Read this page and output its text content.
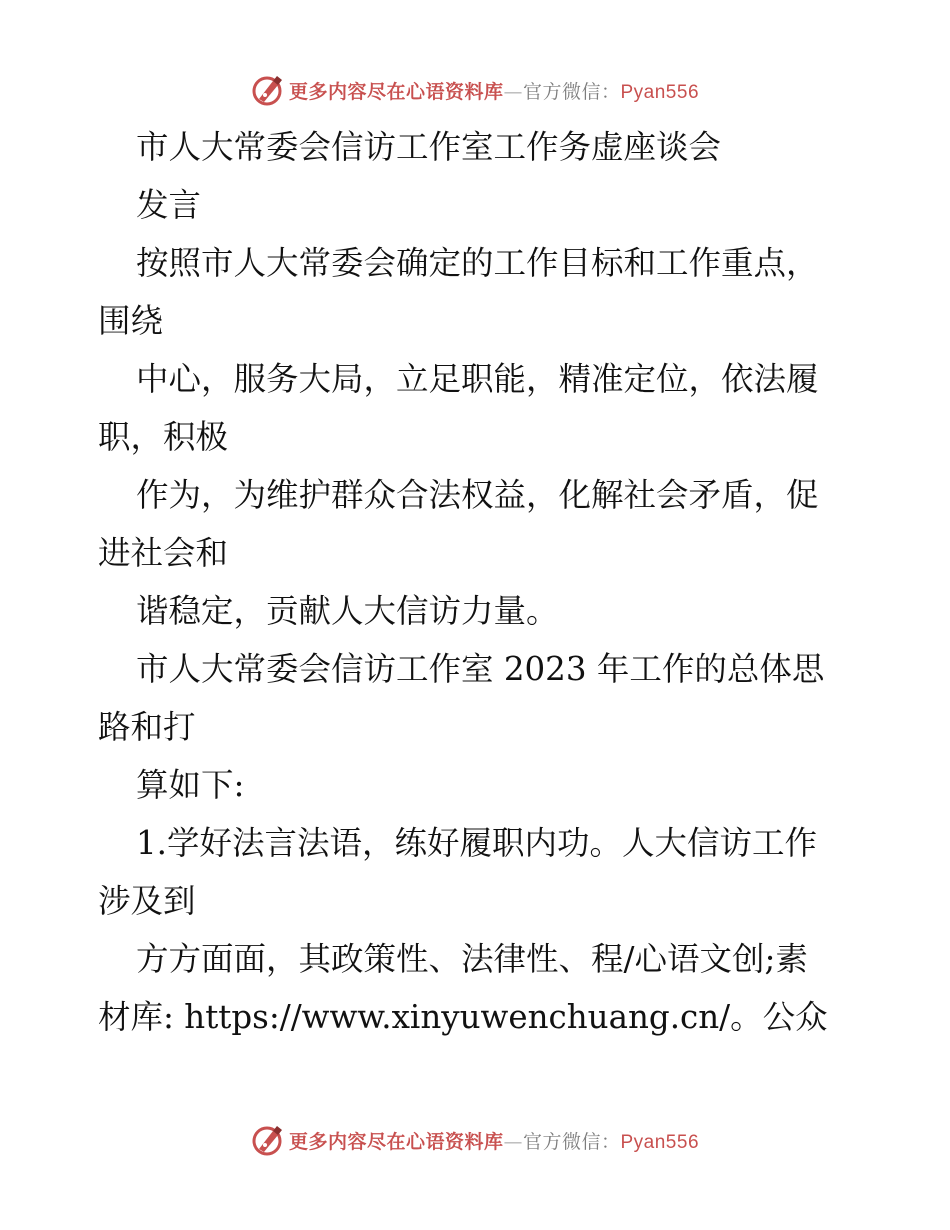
更多内容尽在心语资料库—官方微信：Pyan556
市人大常委会信访工作室工作务虚座谈会
发言
按照市人大常委会确定的工作目标和工作重点，
围绕
中心，服务大局，立足职能，精准定位，依法履
职，积极
作为，为维护群众合法权益，化解社会矛盾，促
进社会和
谐稳定，贡献人大信访力量。
市人大常委会信访工作室 2023 年工作的总体思
路和打
算如下:
1.学好法言法语，练好履职内功。人大信访工作
涉及到
方方面面，其政策性、法律性、程/心语文创;素
材库: https://www.xinyuwenchuang.cn/。公众
更多内容尽在心语资料库—官方微信：Pyan556
